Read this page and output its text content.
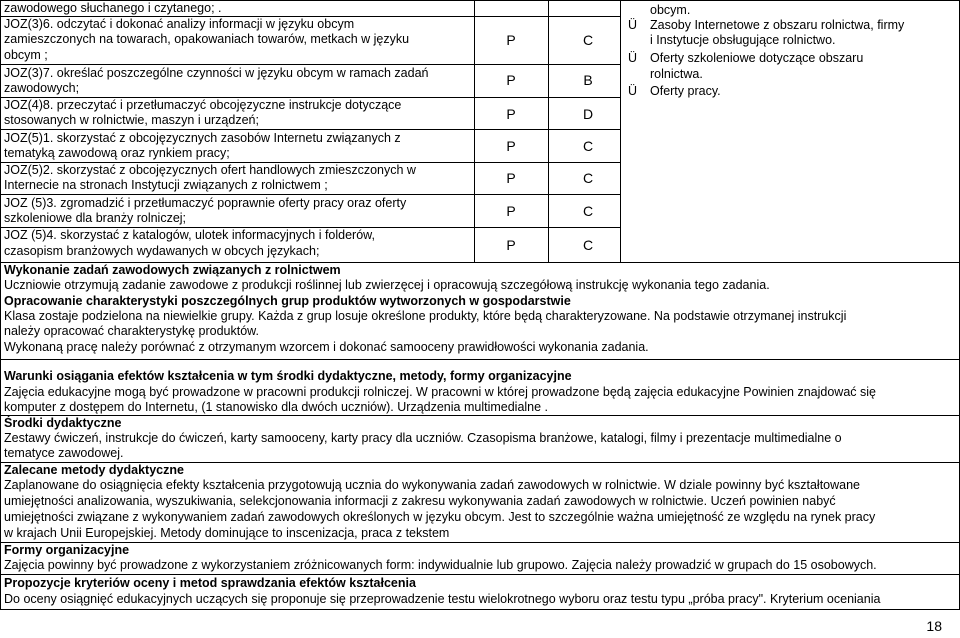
zawodowego słuchanego i czytanego; .
JOZ(3)6. odczytać i dokonać analizy informacji w języku obcym
zamieszczonych na towarach, opakowaniach towarów, metkach w języku
obcym ;
P	C
JOZ(3)7. określać poszczególne czynności w języku obcym w ramach zadań
zawodowych;	P	B
JOZ(4)8. przeczytać i przetłumaczyć obcojęzyczne instrukcje dotyczące
stosowanych w rolnictwie, maszyn i urządzeń;	P	D
JOZ(5)1. skorzystać z obcojęzycznych zasobów Internetu związanych z
tematyką zawodową oraz rynkiem pracy;	P	C
JOZ(5)2. skorzystać z obcojęzycznych ofert handlowych zmieszczonych w
Internecie na stronach Instytucji związanych z rolnictwem ;	P	C
JOZ (5)3. zgromadzić i przetłumaczyć poprawnie oferty pracy oraz oferty
szkoleniowe dla branży rolniczej;	P	C
JOZ (5)4. skorzystać z katalogów, ulotek informacyjnych i folderów,
czasopism branżowych wydawanych w obcych językach;	P	C
obcym.
Ü Zasoby Internetowe z obszaru rolnictwa, firmy
i Instytucje obsługujące rolnictwo.
Ü Oferty szkoleniowe dotyczące obszaru
rolnictwa.
Ü Oferty pracy.
Wykonanie zadań zawodowych związanych z rolnictwem
Uczniowie otrzymują zadanie zawodowe z produkcji roślinnej lub zwierzęcej i opracowują szczegółową instrukcję wykonania tego zadania.
Opracowanie charakterystyki poszczególnych grup produktów wytworzonych w gospodarstwie
Klasa zostaje podzielona na niewielkie grupy. Każda z grup losuje określone produkty, które będą charakteryzowane. Na podstawie otrzymanej instrukcji
należy opracować charakterystykę produktów.
Wykonaną pracę należy porównać z otrzymanym wzorcem i dokonać samooceny prawidłowości wykonania zadania.
Warunki osiągania efektów kształcenia w tym środki dydaktyczne, metody, formy organizacyjne
Zajęcia edukacyjne mogą być prowadzone w pracowni produkcji rolniczej. W pracowni w której prowadzone będą zajęcia edukacyjne Powinien znajdować się
komputer z dostępem do Internetu, (1 stanowisko dla dwóch uczniów). Urządzenia multimedialne .
Środki dydaktyczne
Zestawy ćwiczeń, instrukcje do ćwiczeń, karty samooceny, karty pracy dla uczniów. Czasopisma branżowe, katalogi, filmy i prezentacje multimedialne o
tematyce zawodowej.
Zalecane metody dydaktyczne
Zaplanowane do osiągnięcia efekty kształcenia przygotowują ucznia do wykonywania zadań zawodowych w rolnictwie. W dziale powinny być kształtowane
umiejętności analizowania, wyszukiwania, selekcjonowania informacji z zakresu wykonywania zadań zawodowych w rolnictwie. Uczeń powinien nabyć
umiejętności związane z wykonywaniem zadań zawodowych określonych w języku obcym. Jest to szczególnie ważna umiejętność ze względu na rynek pracy
w krajach Unii Europejskiej. Metody dominujące to inscenizacja, praca z tekstem
Formy organizacyjne
Zajęcia powinny być prowadzone z wykorzystaniem zróżnicowanych form: indywidualnie lub grupowo. Zajęcia należy prowadzić w grupach do 15 osobowych.
Propozycje kryteriów oceny i metod sprawdzania efektów kształcenia
Do oceny osiągnięć edukacyjnych uczących się proponuje się przeprowadzenie testu wielokrotnego wyboru oraz testu typu „próba pracy". Kryterium oceniania
18
